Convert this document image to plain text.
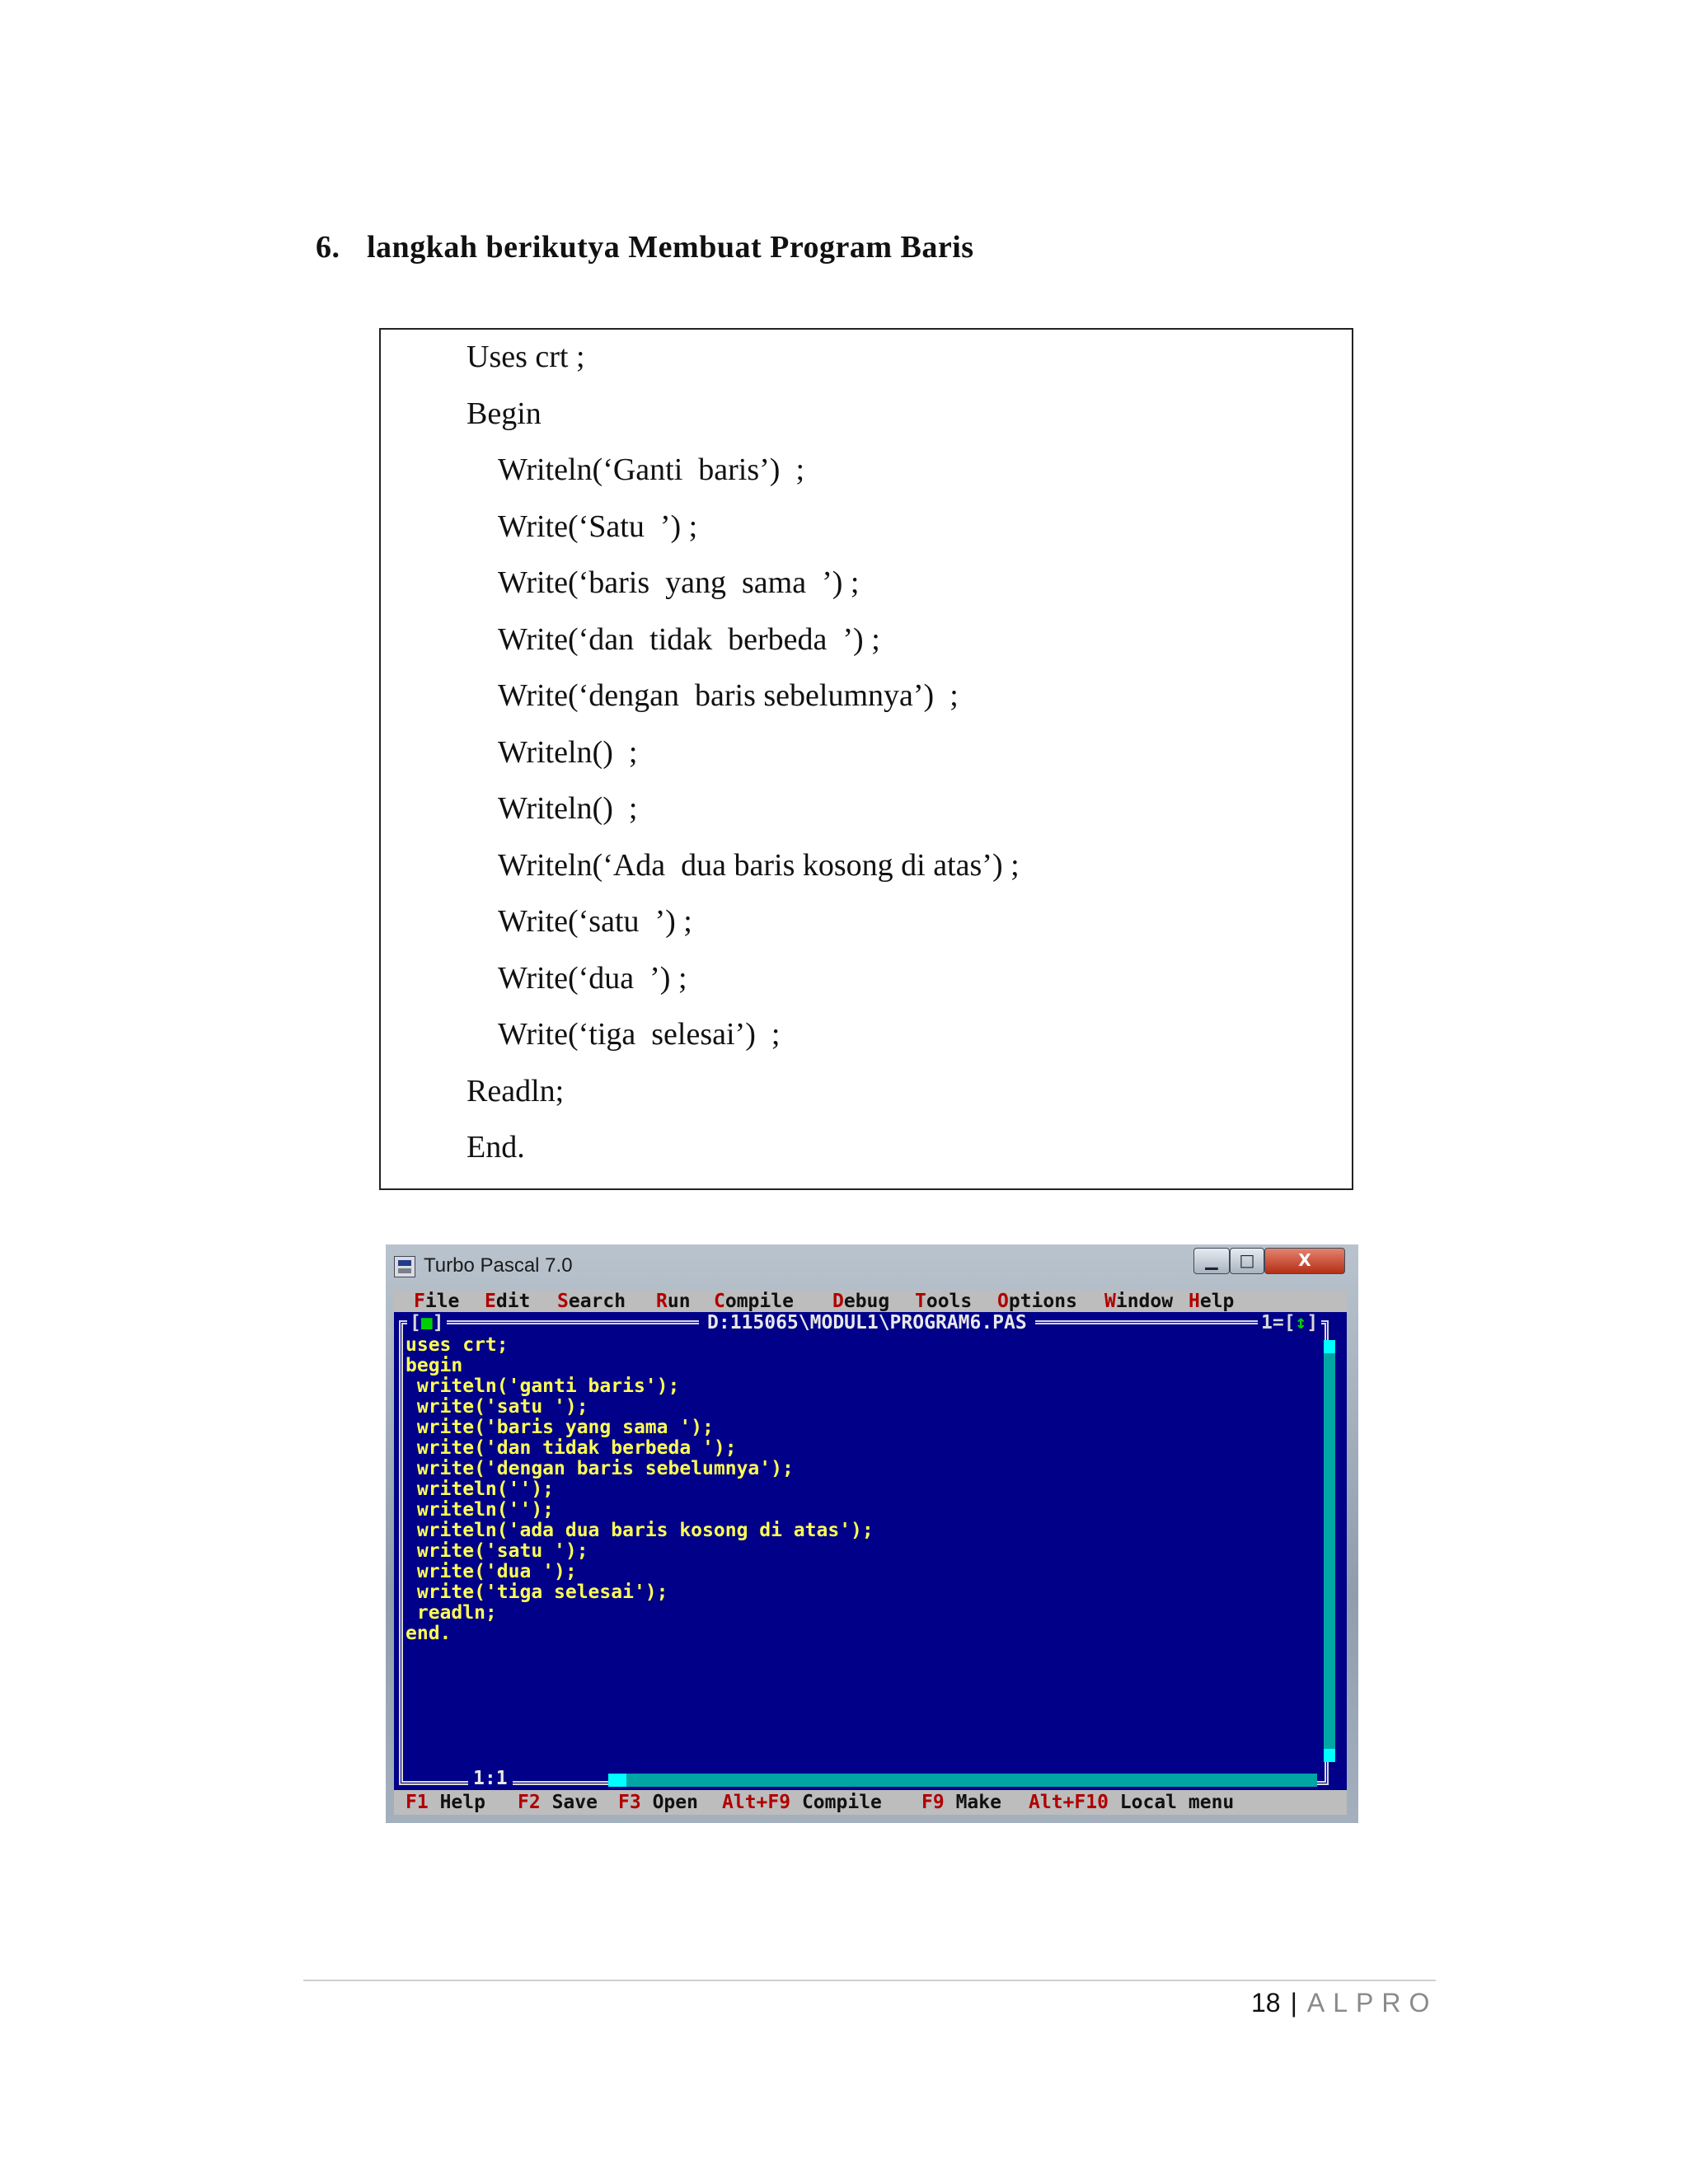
6. langkah berikutya Membuat Program Baris
Uses crt ;
Begin
Writeln(‘Ganti  baris’)  ;
Write(‘Satu  ’) ;
Write(‘baris  yang  sama  ’) ;
Write(‘dan  tidak  berbeda  ’) ;
Write(‘dengan  baris sebelumnya’)  ;
Writeln()  ;
Writeln()  ;
Writeln(‘Ada  dua baris kosong di atas’) ;
Write(‘satu  ’) ;
Write(‘dua  ’) ;
Write(‘tiga  selesai’)  ;
Readln;
End.
Turbo Pascal 7.0	▁	□	X
File Edit Search Run Compile Debug Tools Options Window Help
[■]	D:115065\MODUL1\PROGRAM6.PAS	1=[↕]
uses crt;
begin
writeln('ganti baris');
write('satu ');
write('baris yang sama ');
write('dan tidak berbeda ');
write('dengan baris sebelumnya');
writeln('');
writeln('');
writeln('ada dua baris kosong di atas');
write('satu ');
write('dua ');
write('tiga selesai');
readln;
end.
1:1
F1 Help F2 Save F3 Open Alt+F9 Compile F9 Make Alt+F10 Local menu
18 | ALPRO
